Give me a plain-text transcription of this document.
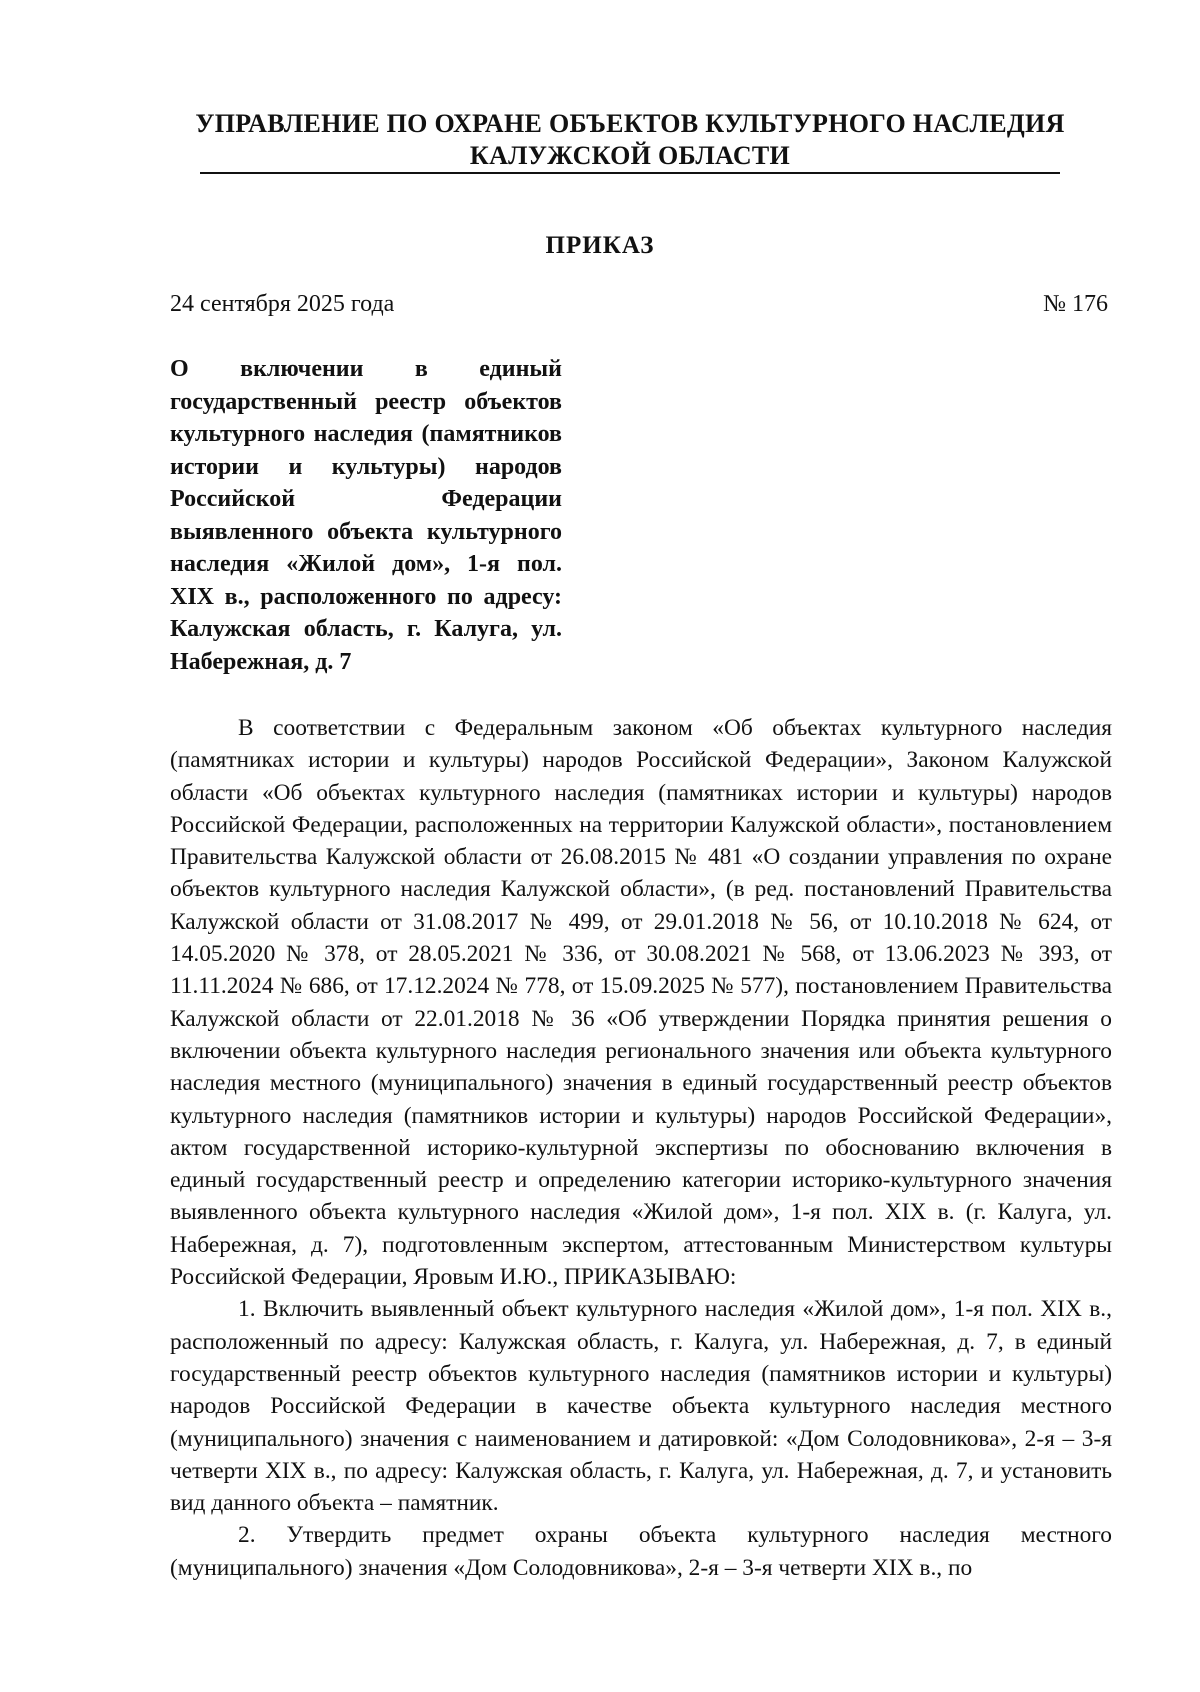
УПРАВЛЕНИЕ ПО ОХРАНЕ ОБЪЕКТОВ КУЛЬТУРНОГО НАСЛЕДИЯ
КАЛУЖСКОЙ ОБЛАСТИ
ПРИКАЗ
24 сентября 2025 года	№ 176
О включении в единый государственный реестр объектов культурного наследия (памятников истории и культуры) народов Российской Федерации выявленного объекта культурного наследия «Жилой дом», 1-я пол. XIX в., расположенного по адресу: Калужская область, г. Калуга, ул. Набережная, д. 7

В соответствии с Федеральным законом «Об объектах культурного наследия (памятниках истории и культуры) народов Российской Федерации», Законом Калужской области «Об объектах культурного наследия (памятниках истории и культуры) народов Российской Федерации, расположенных на территории Калужской области», постановлением Правительства Калужской области от 26.08.2015 № 481 «О создании управления по охране объектов культурного наследия Калужской области», (в ред. постановлений Правительства Калужской области от 31.08.2017 № 499, от 29.01.2018 № 56, от 10.10.2018 № 624, от 14.05.2020 № 378, от 28.05.2021 № 336, от 30.08.2021 № 568, от 13.06.2023 № 393, от 11.11.2024 № 686, от 17.12.2024 № 778, от 15.09.2025 № 577), постановлением Правительства Калужской области от 22.01.2018 № 36 «Об утверждении Порядка принятия решения о включении объекта культурного наследия регионального значения или объекта культурного наследия местного (муниципального) значения в единый государственный реестр объектов культурного наследия (памятников истории и культуры) народов Российской Федерации», актом государственной историко-культурной экспертизы по обоснованию включения в единый государственный реестр и определению категории историко-культурного значения выявленного объекта культурного наследия «Жилой дом», 1-я пол. XIX в. (г. Калуга, ул. Набережная, д. 7), подготовленным экспертом, аттестованным Министерством культуры Российской Федерации, Яровым И.Ю., ПРИКАЗЫВАЮ:

1. Включить выявленный объект культурного наследия «Жилой дом», 1-я пол. XIX в., расположенный по адресу: Калужская область, г. Калуга, ул. Набережная, д. 7, в единый государственный реестр объектов культурного наследия (памятников истории и культуры) народов Российской Федерации в качестве объекта культурного наследия местного (муниципального) значения с наименованием и датировкой: «Дом Солодовникова», 2-я – 3-я четверти XIX в., по адресу: Калужская область, г. Калуга, ул. Набережная, д. 7, и установить вид данного объекта – памятник.

2. Утвердить предмет охраны объекта культурного наследия местного (муниципального) значения «Дом Солодовникова», 2-я – 3-я четверти XIX в., по
